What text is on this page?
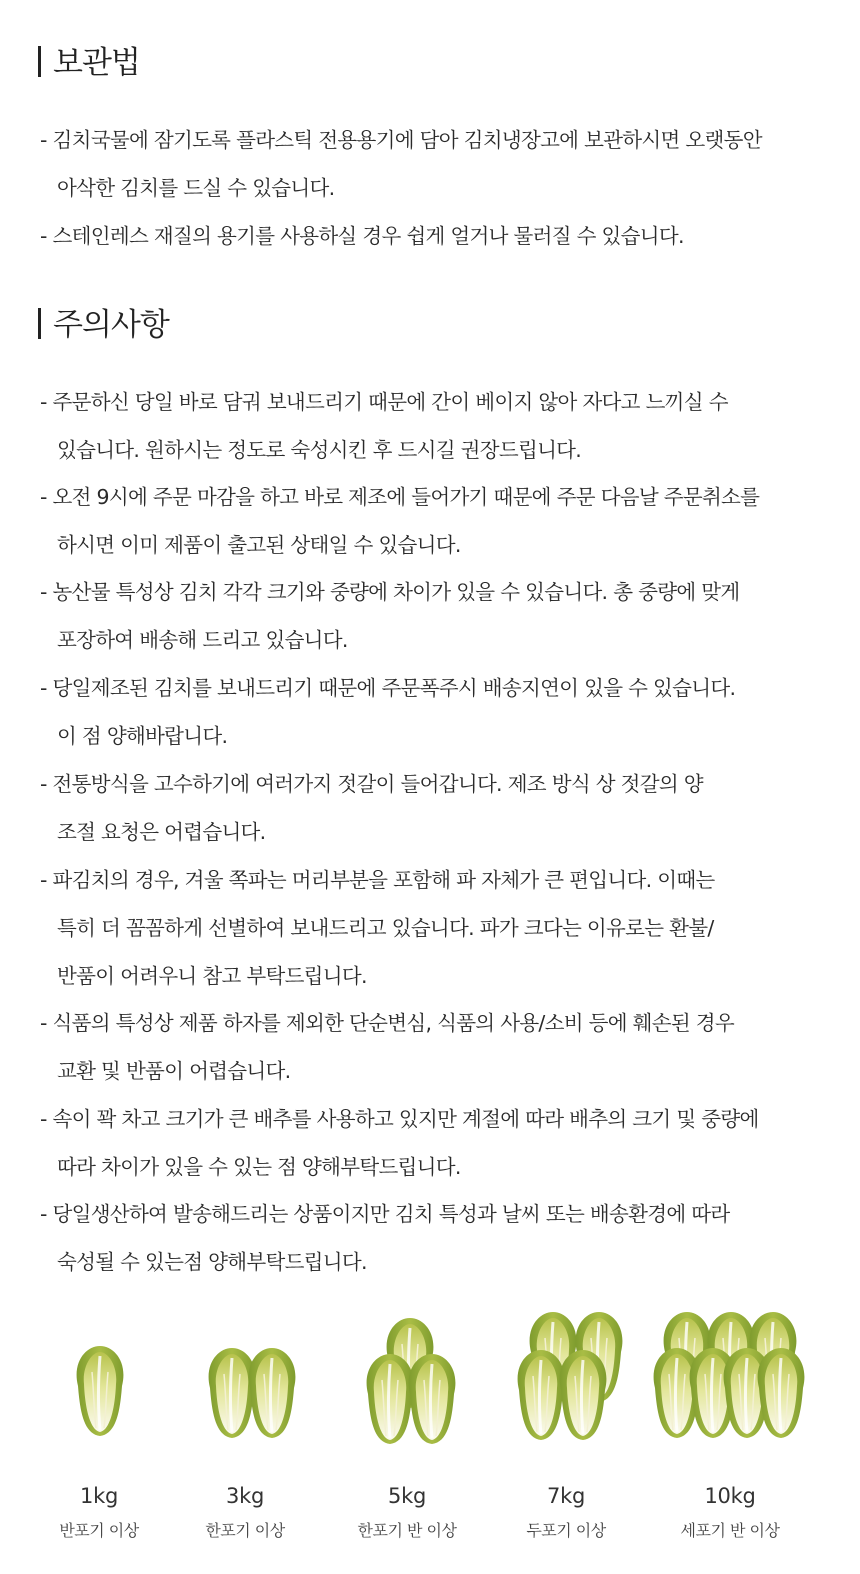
보관법
- 김치국물에 잠기도록 플라스틱 전용용기에 담아 김치냉장고에 보관하시면 오랫동안
아삭한 김치를 드실 수 있습니다.
- 스테인레스 재질의 용기를 사용하실 경우 쉽게 얼거나 물러질 수 있습니다.
주의사항
- 주문하신 당일 바로 담궈 보내드리기 때문에 간이 베이지 않아 자다고 느끼실 수
있습니다. 원하시는 정도로 숙성시킨 후 드시길 권장드립니다.
- 오전 9시에 주문 마감을 하고 바로 제조에 들어가기 때문에 주문 다음날 주문취소를
하시면 이미 제품이 출고된 상태일 수 있습니다.
- 농산물 특성상 김치 각각 크기와 중량에 차이가 있을 수 있습니다. 총 중량에 맞게
포장하여 배송해 드리고 있습니다.
- 당일제조된 김치를 보내드리기 때문에 주문폭주시 배송지연이 있을 수 있습니다.
이 점 양해바랍니다.
- 전통방식을 고수하기에 여러가지 젓갈이 들어갑니다. 제조 방식 상 젓갈의 양
조절 요청은 어렵습니다.
- 파김치의 경우, 겨울 쪽파는 머리부분을 포함해 파 자체가 큰 편입니다. 이때는
특히 더 꼼꼼하게 선별하여 보내드리고 있습니다. 파가 크다는 이유로는 환불/
반품이 어려우니 참고 부탁드립니다.
- 식품의 특성상 제품 하자를 제외한 단순변심, 식품의 사용/소비 등에 훼손된 경우
교환 및 반품이 어렵습니다.
- 속이 꽉 차고 크기가 큰 배추를 사용하고 있지만 계절에 따라 배추의 크기 및 중량에
따라 차이가 있을 수 있는 점 양해부탁드립니다.
- 당일생산하여 발송해드리는 상품이지만 김치 특성과 날씨 또는 배송환경에 따라
숙성될 수 있는점 양해부탁드립니다.
1kg
반포기 이상
3kg
한포기 이상
5kg
한포기 반 이상
7kg
두포기 이상
10kg
세포기 반 이상
